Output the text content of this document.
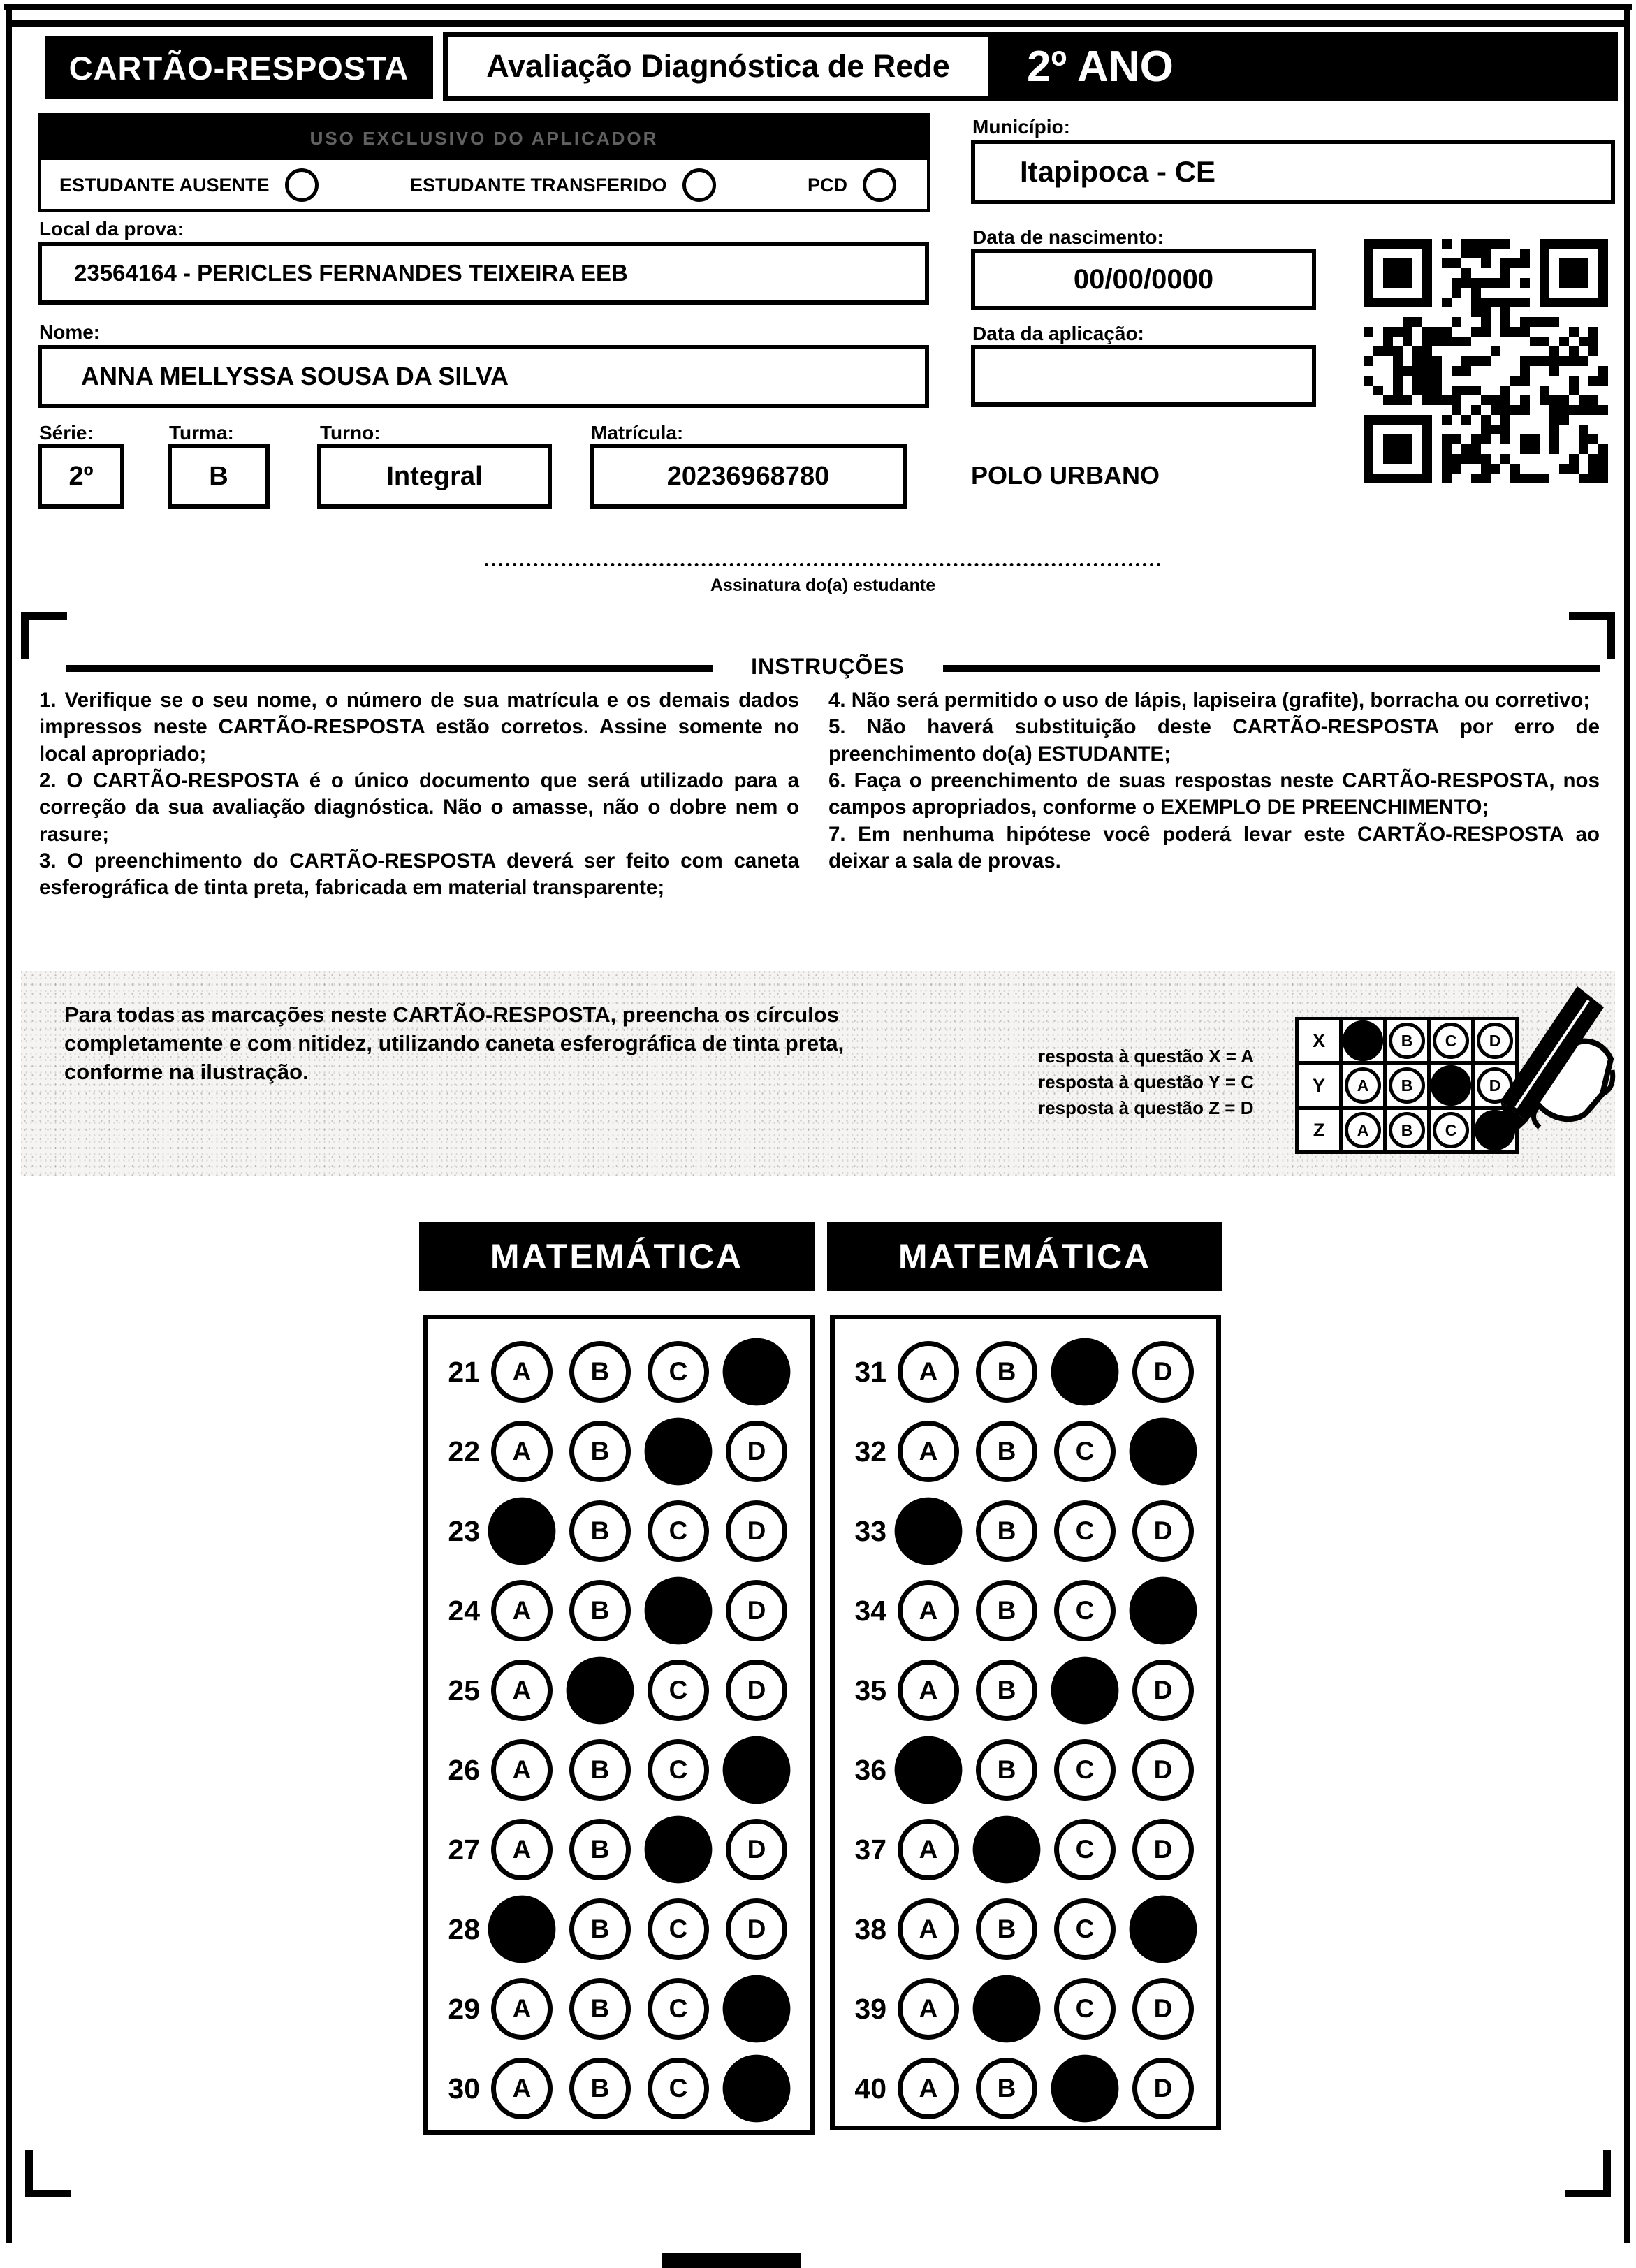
CARTÃO-RESPOSTA	Avaliação Diagnóstica de Rede	2º ANO
USO EXCLUSIVO DO APLICADOR
ESTUDANTE AUSENTE	ESTUDANTE TRANSFERIDO	PCD
Local da prova:
23564164 - PERICLES FERNANDES TEIXEIRA EEB
Nome:
ANNA MELLYSSA SOUSA DA SILVA
Série:
2º
Turma:
B
Turno:
Integral
Matrícula:
20236968780
Município:
Itapipoca - CE
Data de nascimento:
00/00/0000
Data da aplicação:
POLO URBANO
Assinatura do(a) estudante
INSTRUÇÕES

1. Verifique se o seu nome, o número de sua matrícula e os demais dados impressos neste CARTÃO-RESPOSTA estão corretos. Assine somente no local apropriado;

2. O CARTÃO-RESPOSTA é o único documento que será utilizado para a correção da sua avaliação diagnóstica. Não o amasse, não o dobre nem o rasure;

3. O preenchimento do CARTÃO-RESPOSTA deverá ser feito com caneta esferográfica de tinta preta, fabricada em material transparente;

4. Não será permitido o uso de lápis, lapiseira (grafite), borracha ou corretivo;

5. Não haverá substituição deste CARTÃO-RESPOSTA por erro de preenchimento do(a) ESTUDANTE;

6. Faça o preenchimento de suas respostas neste CARTÃO-RESPOSTA, nos campos apropriados, conforme o EXEMPLO DE PREENCHIMENTO;

7. Em nenhuma hipótese você poderá levar este CARTÃO-RESPOSTA ao deixar a sala de provas.

Para todas as marcações neste CARTÃO-RESPOSTA, preencha os círculos completamente e com nitidez, utilizando caneta esferográfica de tinta preta, conforme na ilustração.
resposta à questão X = A
resposta à questão Y = C
resposta à questão Z = D
X	B	C	D
Y	A	B	D
Z	A	B	C
MATEMÁTICA	MATEMÁTICA
21	A	B	C
22	A	B	D
23	B	C	D
24	A	B	D
25	A	C	D
26	A	B	C
27	A	B	D
28	B	C	D
29	A	B	C
30	A	B	C
31	A	B	D
32	A	B	C
33	B	C	D
34	A	B	C
35	A	B	D
36	B	C	D
37	A	C	D
38	A	B	C
39	A	C	D
40	A	B	D
